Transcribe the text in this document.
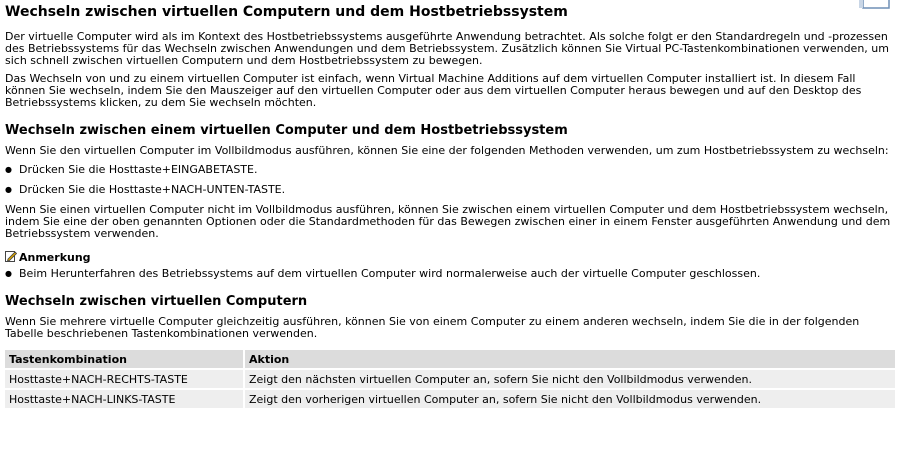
Wechseln zwischen virtuellen Computern und dem Hostbetriebssystem

Der virtuelle Computer wird als im Kontext des Hostbetriebssystems ausgeführte Anwendung betrachtet. Als solche folgt er den Standardregeln und -prozessen des Betriebssystems für das Wechseln zwischen Anwendungen und dem Betriebssystem. Zusätzlich können Sie Virtual PC-Tastenkombinationen verwenden, um sich schnell zwischen virtuellen Computern und dem Hostbetriebssystem zu bewegen.

Das Wechseln von und zu einem virtuellen Computer ist einfach, wenn Virtual Machine Additions auf dem virtuellen Computer installiert ist. In diesem Fall können Sie wechseln, indem Sie den Mauszeiger auf den virtuellen Computer oder aus dem virtuellen Computer heraus bewegen und auf den Desktop des Betriebssystems klicken, zu dem Sie wechseln möchten.

Wechseln zwischen einem virtuellen Computer und dem Hostbetriebssystem

Wenn Sie den virtuellen Computer im Vollbildmodus ausführen, können Sie eine der folgenden Methoden verwenden, um zum Hostbetriebssystem zu wechseln:

● Drücken Sie die Hosttaste+EINGABETASTE.
● Drücken Sie die Hosttaste+NACH-UNTEN-TASTE.

Wenn Sie einen virtuellen Computer nicht im Vollbildmodus ausführen, können Sie zwischen einem virtuellen Computer und dem Hostbetriebssystem wechseln, indem Sie eine der oben genannten Optionen oder die Standardmethoden für das Bewegen zwischen einer in einem Fenster ausgeführten Anwendung und dem Betriebssystem verwenden.

Anmerkung
● Beim Herunterfahren des Betriebssystems auf dem virtuellen Computer wird normalerweise auch der virtuelle Computer geschlossen.
Wechseln zwischen virtuellen Computern

Wenn Sie mehrere virtuelle Computer gleichzeitig ausführen, können Sie von einem Computer zu einem anderen wechseln, indem Sie die in der folgenden Tabelle beschriebenen Tastenkombinationen verwenden.

Tastenkombination	Aktion
Hosttaste+NACH-RECHTS-TASTE	Zeigt den nächsten virtuellen Computer an, sofern Sie nicht den Vollbildmodus verwenden.
Hosttaste+NACH-LINKS-TASTE	Zeigt den vorherigen virtuellen Computer an, sofern Sie nicht den Vollbildmodus verwenden.
